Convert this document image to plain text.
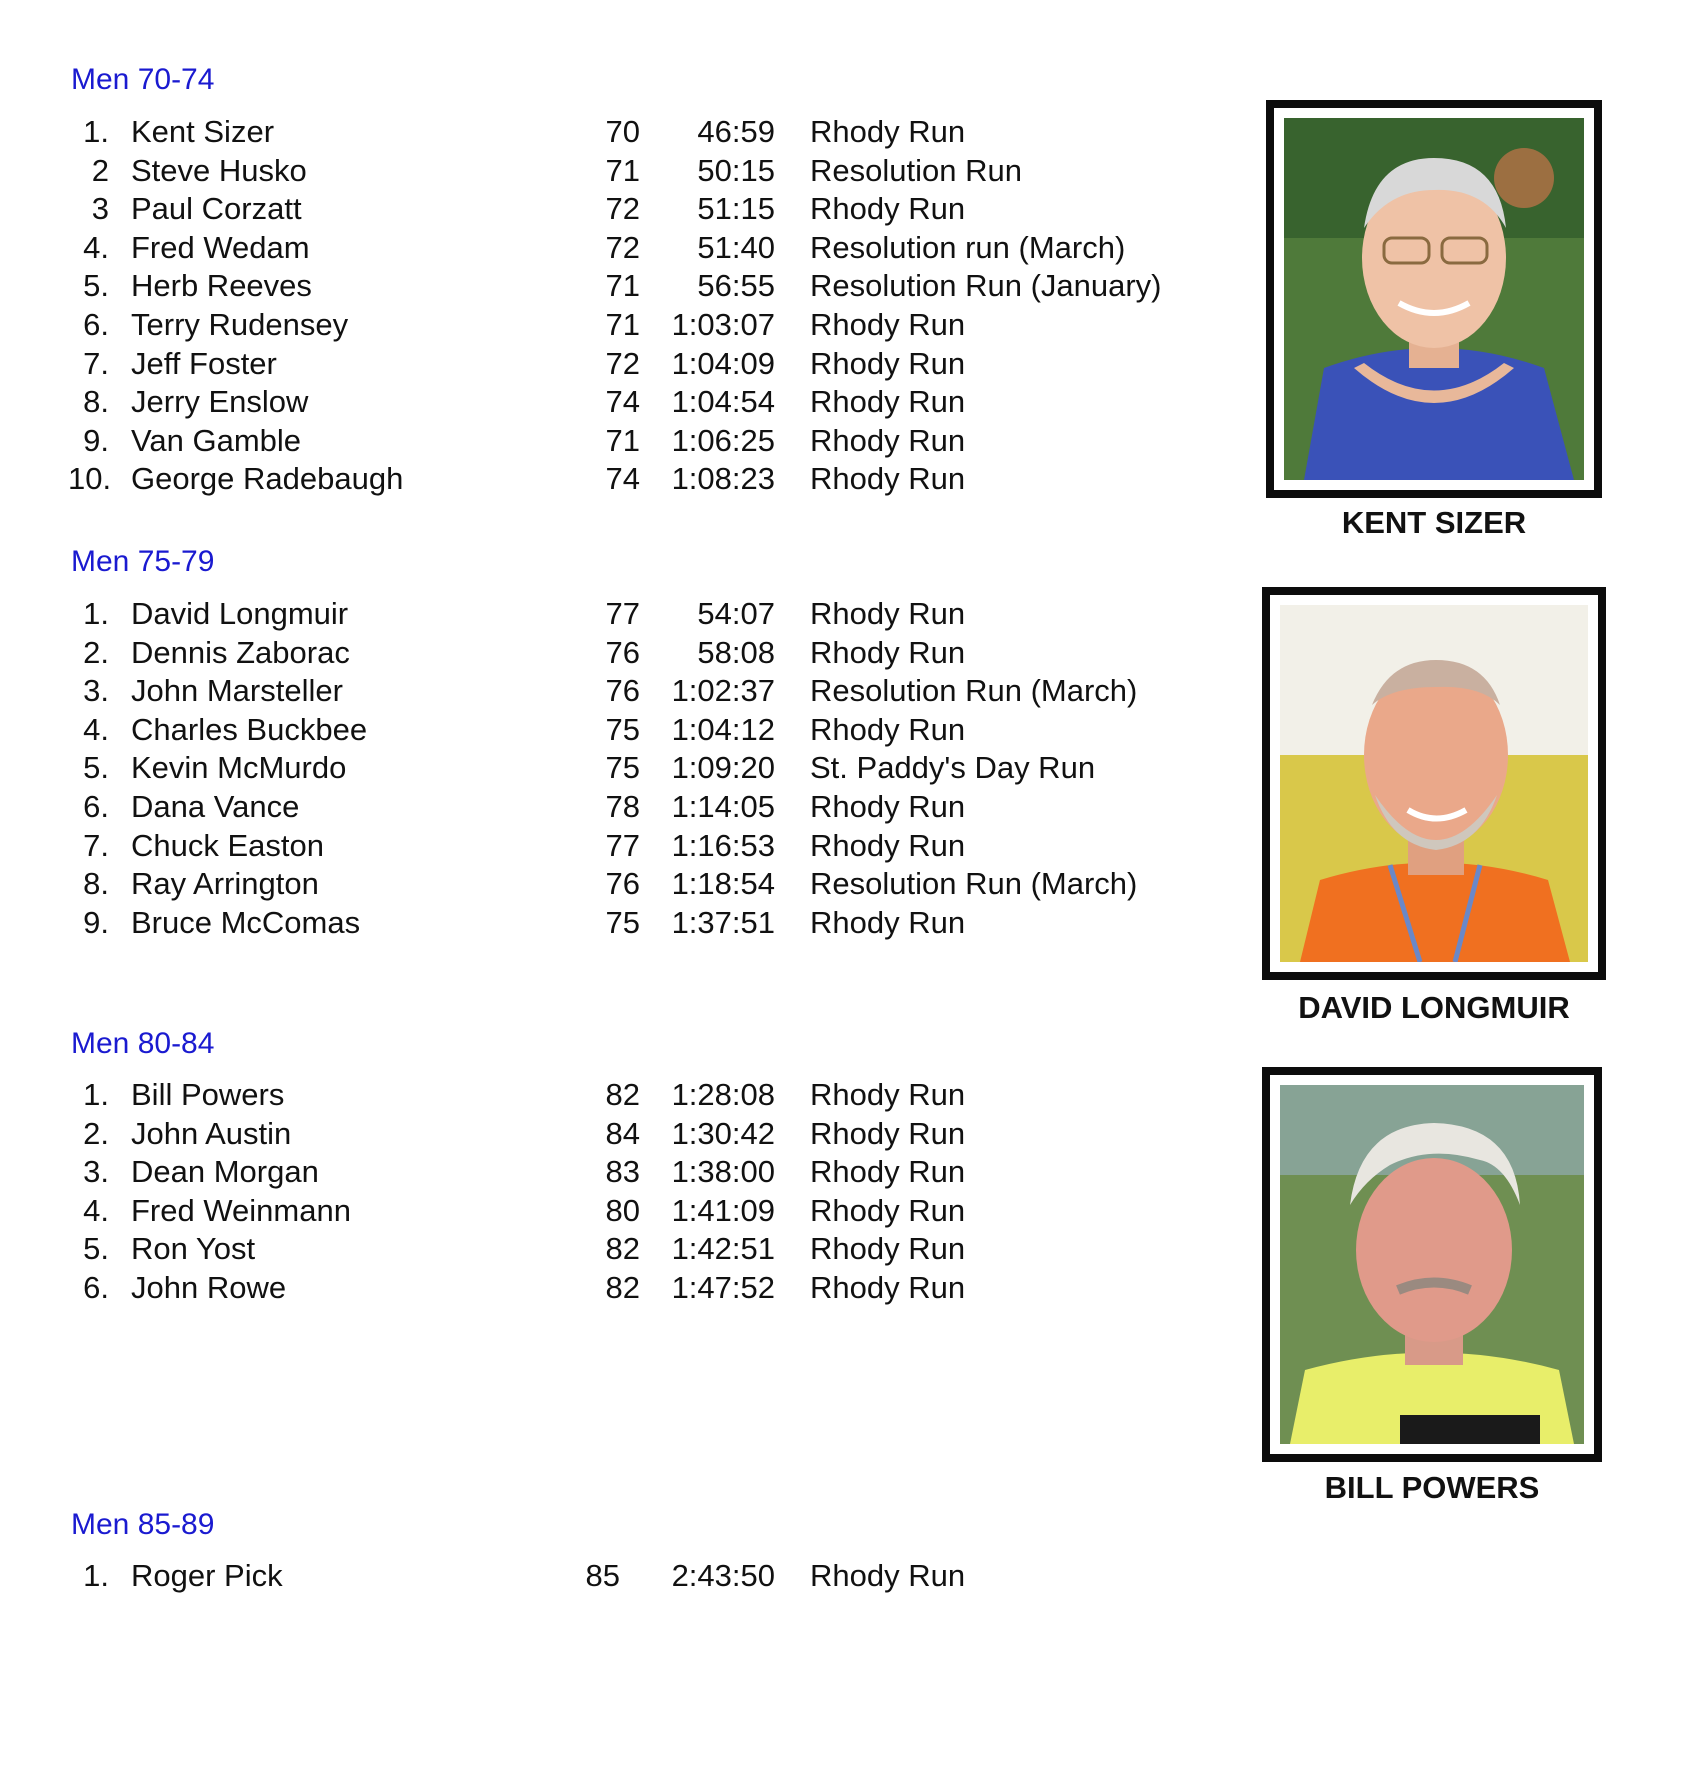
Men 70-74
Men 75-79
Men 80-84
Men 85-89
1. Kent Sizer	70	46:59 Rhody Run
2 Steve Husko	71	50:15 Resolution Run
3 Paul Corzatt	72	51:15 Rhody Run
4. Fred Wedam	72	51:40 Resolution run (March)
5. Herb Reeves	71	56:55 Resolution Run (January)
6. Terry Rudensey	71	1:03:07 Rhody Run
7. Jeff Foster	72	1:04:09 Rhody Run
8. Jerry Enslow	74	1:04:54 Rhody Run
9. Van Gamble	71	1:06:25 Rhody Run
10. George Radebaugh	74	1:08:23 Rhody Run
1. David Longmuir	77	54:07 Rhody Run
2. Dennis Zaborac	76	58:08 Rhody Run
3. John Marsteller	76	1:02:37 Resolution Run (March)
4. Charles Buckbee	75	1:04:12 Rhody Run
5. Kevin McMurdo	75	1:09:20 St. Paddy's Day Run
6. Dana Vance	78	1:14:05 Rhody Run
7. Chuck Easton	77	1:16:53 Rhody Run
8. Ray Arrington	76	1:18:54 Resolution Run (March)
9. Bruce McComas	75	1:37:51 Rhody Run
1. Bill Powers	82	1:28:08 Rhody Run
2. John Austin	84	1:30:42 Rhody Run
3. Dean Morgan	83	1:38:00 Rhody Run
4. Fred Weinmann	80	1:41:09 Rhody Run
5. Ron Yost	82	1:42:51 Rhody Run
6. John Rowe	82	1:47:52 Rhody Run
1. Roger Pick	85	2:43:50 Rhody Run
KENT SIZER
DAVID LONGMUIR
BILL POWERS
